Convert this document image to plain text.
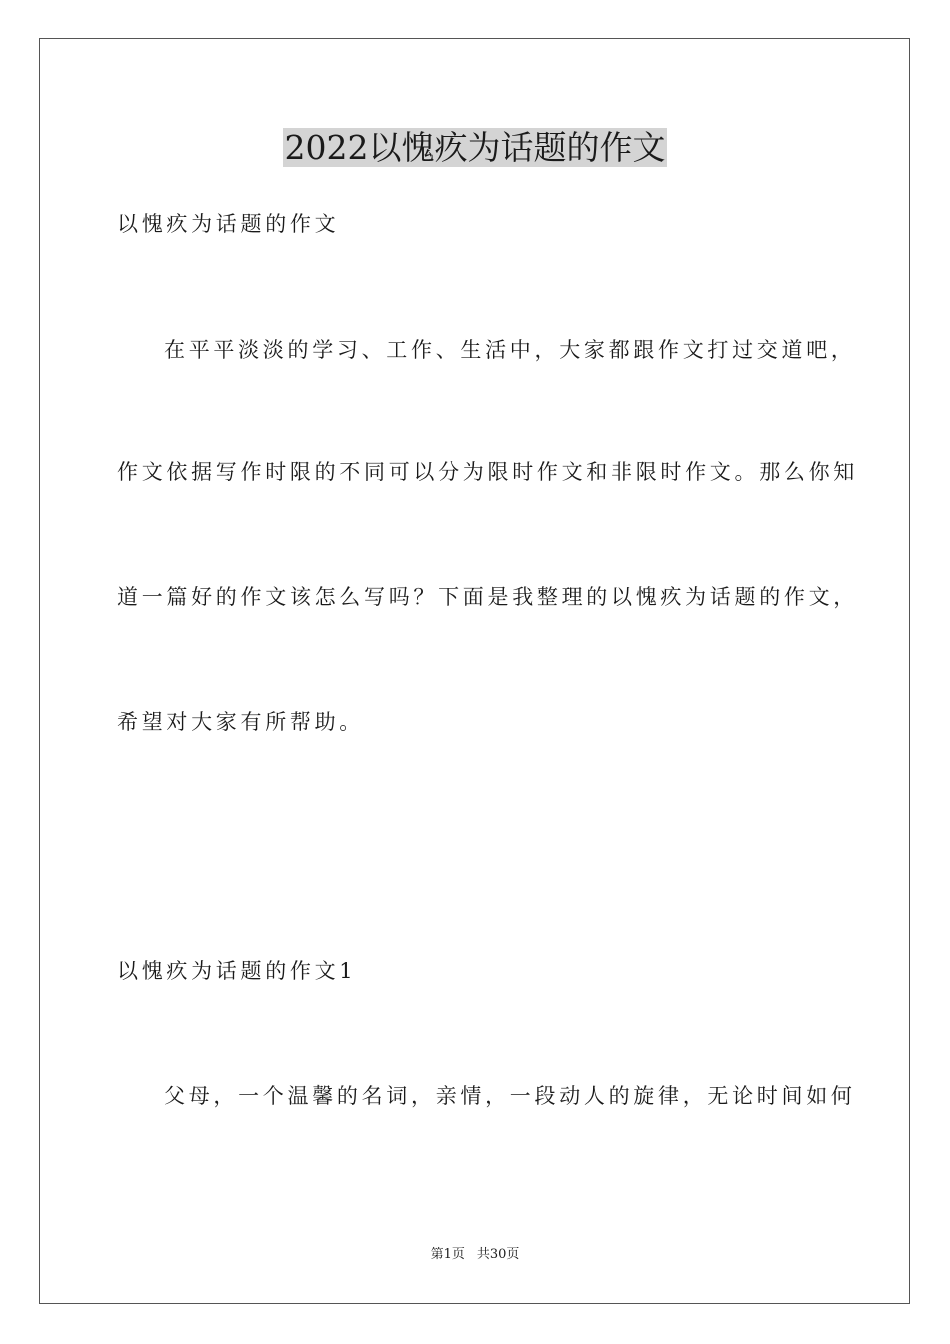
2022以愧疚为话题的作文

以愧疚为话题的作文

在平平淡淡的学习、工作、生活中，大家都跟作文打过交道吧，

作文依据写作时限的不同可以分为限时作文和非限时作文。那么你知

道一篇好的作文该怎么写吗？下面是我整理的以愧疚为话题的作文，

希望对大家有所帮助。

以愧疚为话题的作文1

父母，一个温馨的名词，亲情，一段动人的旋律，无论时间如何

第1页 共30页
